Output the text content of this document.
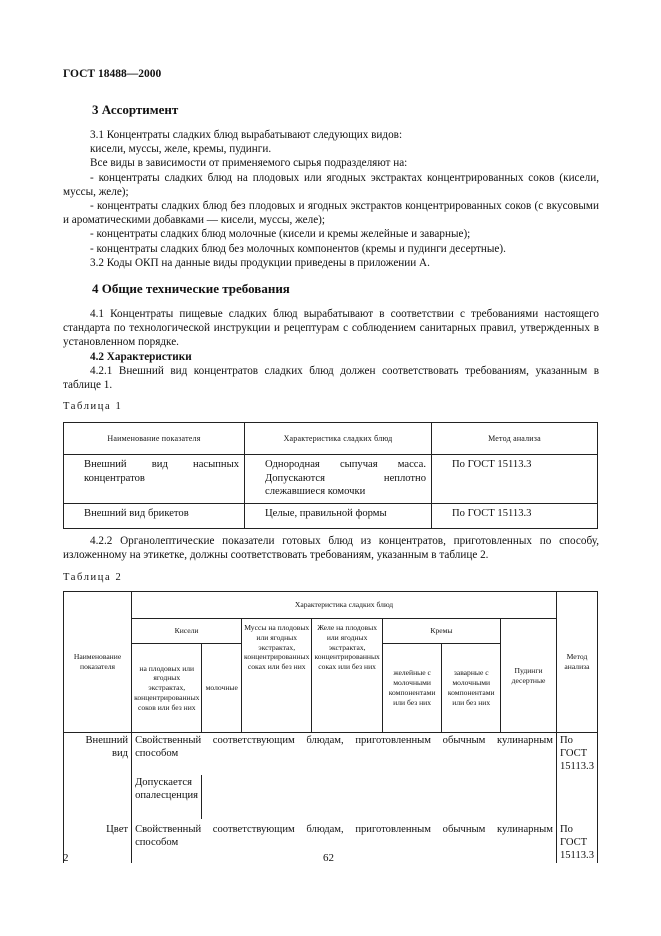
ГОСТ 18488—2000
3 Ассортимент
3.1 Концентраты сладких блюд вырабатывают следующих видов:
кисели, муссы, желе, кремы, пудинги.
Все виды в зависимости от применяемого сырья подразделяют на:
- концентраты сладких блюд на плодовых или ягодных экстрактах концентрированных соков (кисели, муссы, желе);
- концентраты сладких блюд без плодовых и ягодных экстрактов концентрированных соков (с вкусовыми и ароматическими добавками — кисели, муссы, желе);
- концентраты сладких блюд молочные (кисели и кремы желейные и заварные);
- концентраты сладких блюд без молочных компонентов (кремы и пудинги десертные).
3.2 Коды ОКП на данные виды продукции приведены в приложении А.
4 Общие технические требования
4.1 Концентраты пищевые сладких блюд вырабатывают в соответствии с требованиями настоящего стандарта по технологической инструкции и рецептурам с соблюдением санитарных правил, утвержденных в установленном порядке.
4.2 Характеристики
4.2.1 Внешний вид концентратов сладких блюд должен соответствовать требованиям, указанным в таблице 1.
Таблица 1
Наименование показателя	Характеристика сладких блюд	Метод анализа
Внешний вид насыпных концентратов	Однородная сыпучая масса. Допускаются неплотно слежавшиеся комочки	По ГОСТ 15113.3
Внешний вид брикетов	Целые, правильной формы	По ГОСТ 15113.3
4.2.2 Органолептические показатели готовых блюд из концентратов, приготовленных по способу, изложенному на этикетке, должны соответствовать требованиям, указанным в таблице 2.
Таблица 2
Наименование показателя	Характеристика сладких блюд							Метод анализа
	Кисели		Муссы на плодовых или ягодных экстрактах, концентрированных соках или без них	Желе на плодовых или ягодных экстрактах, концентрированных соках или без них	Кремы		Пудинги десертные	
	на плодовых или ягодных экстрактах, концентрированных соков или без них	молочные			желейные с молочными компонентами или без них	заварные с молочными компонентами или без них		
Внешний вид	Свойственный соответствующим блюдам, приготовленным обычным кулинарным способом							По ГОСТ 15113.3
	Допускается опалесценция							
Цвет	Свойственный соответствующим блюдам, приготовленным обычным кулинарным способом							По ГОСТ 15113.3
2	62
